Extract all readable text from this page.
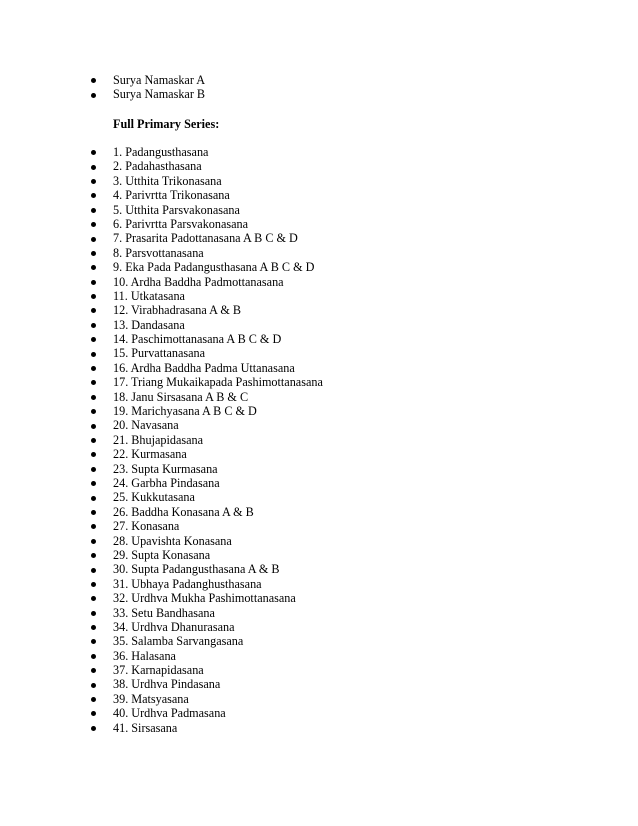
Surya Namaskar A
Surya Namaskar B
Full Primary Series:
1. Padangusthasana
2. Padahasthasana
3. Utthita Trikonasana
4. Parivrtta Trikonasana
5. Utthita Parsvakonasana
6. Parivrtta Parsvakonasana
7. Prasarita Padottanasana A B C & D
8. Parsvottanasana
9. Eka Pada Padangusthasana A B C & D
10. Ardha Baddha Padmottanasana
11. Utkatasana
12. Virabhadrasana A & B
13. Dandasana
14. Paschimottanasana A B C & D
15. Purvattanasana
16. Ardha Baddha Padma Uttanasana
17. Triang Mukaikapada Pashimottanasana
18. Janu Sirsasana A B & C
19. Marichyasana A B C & D
20. Navasana
21. Bhujapidasana
22. Kurmasana
23. Supta Kurmasana
24. Garbha Pindasana
25. Kukkutasana
26. Baddha Konasana A & B
27. Konasana
28. Upavishta Konasana
29. Supta Konasana
30. Supta Padangusthasana A & B
31. Ubhaya Padanghusthasana
32. Urdhva Mukha Pashimottanasana
33. Setu Bandhasana
34. Urdhva Dhanurasana
35. Salamba Sarvangasana
36. Halasana
37. Karnapidasana
38. Urdhva Pindasana
39. Matsyasana
40. Urdhva Padmasana
41. Sirsasana
